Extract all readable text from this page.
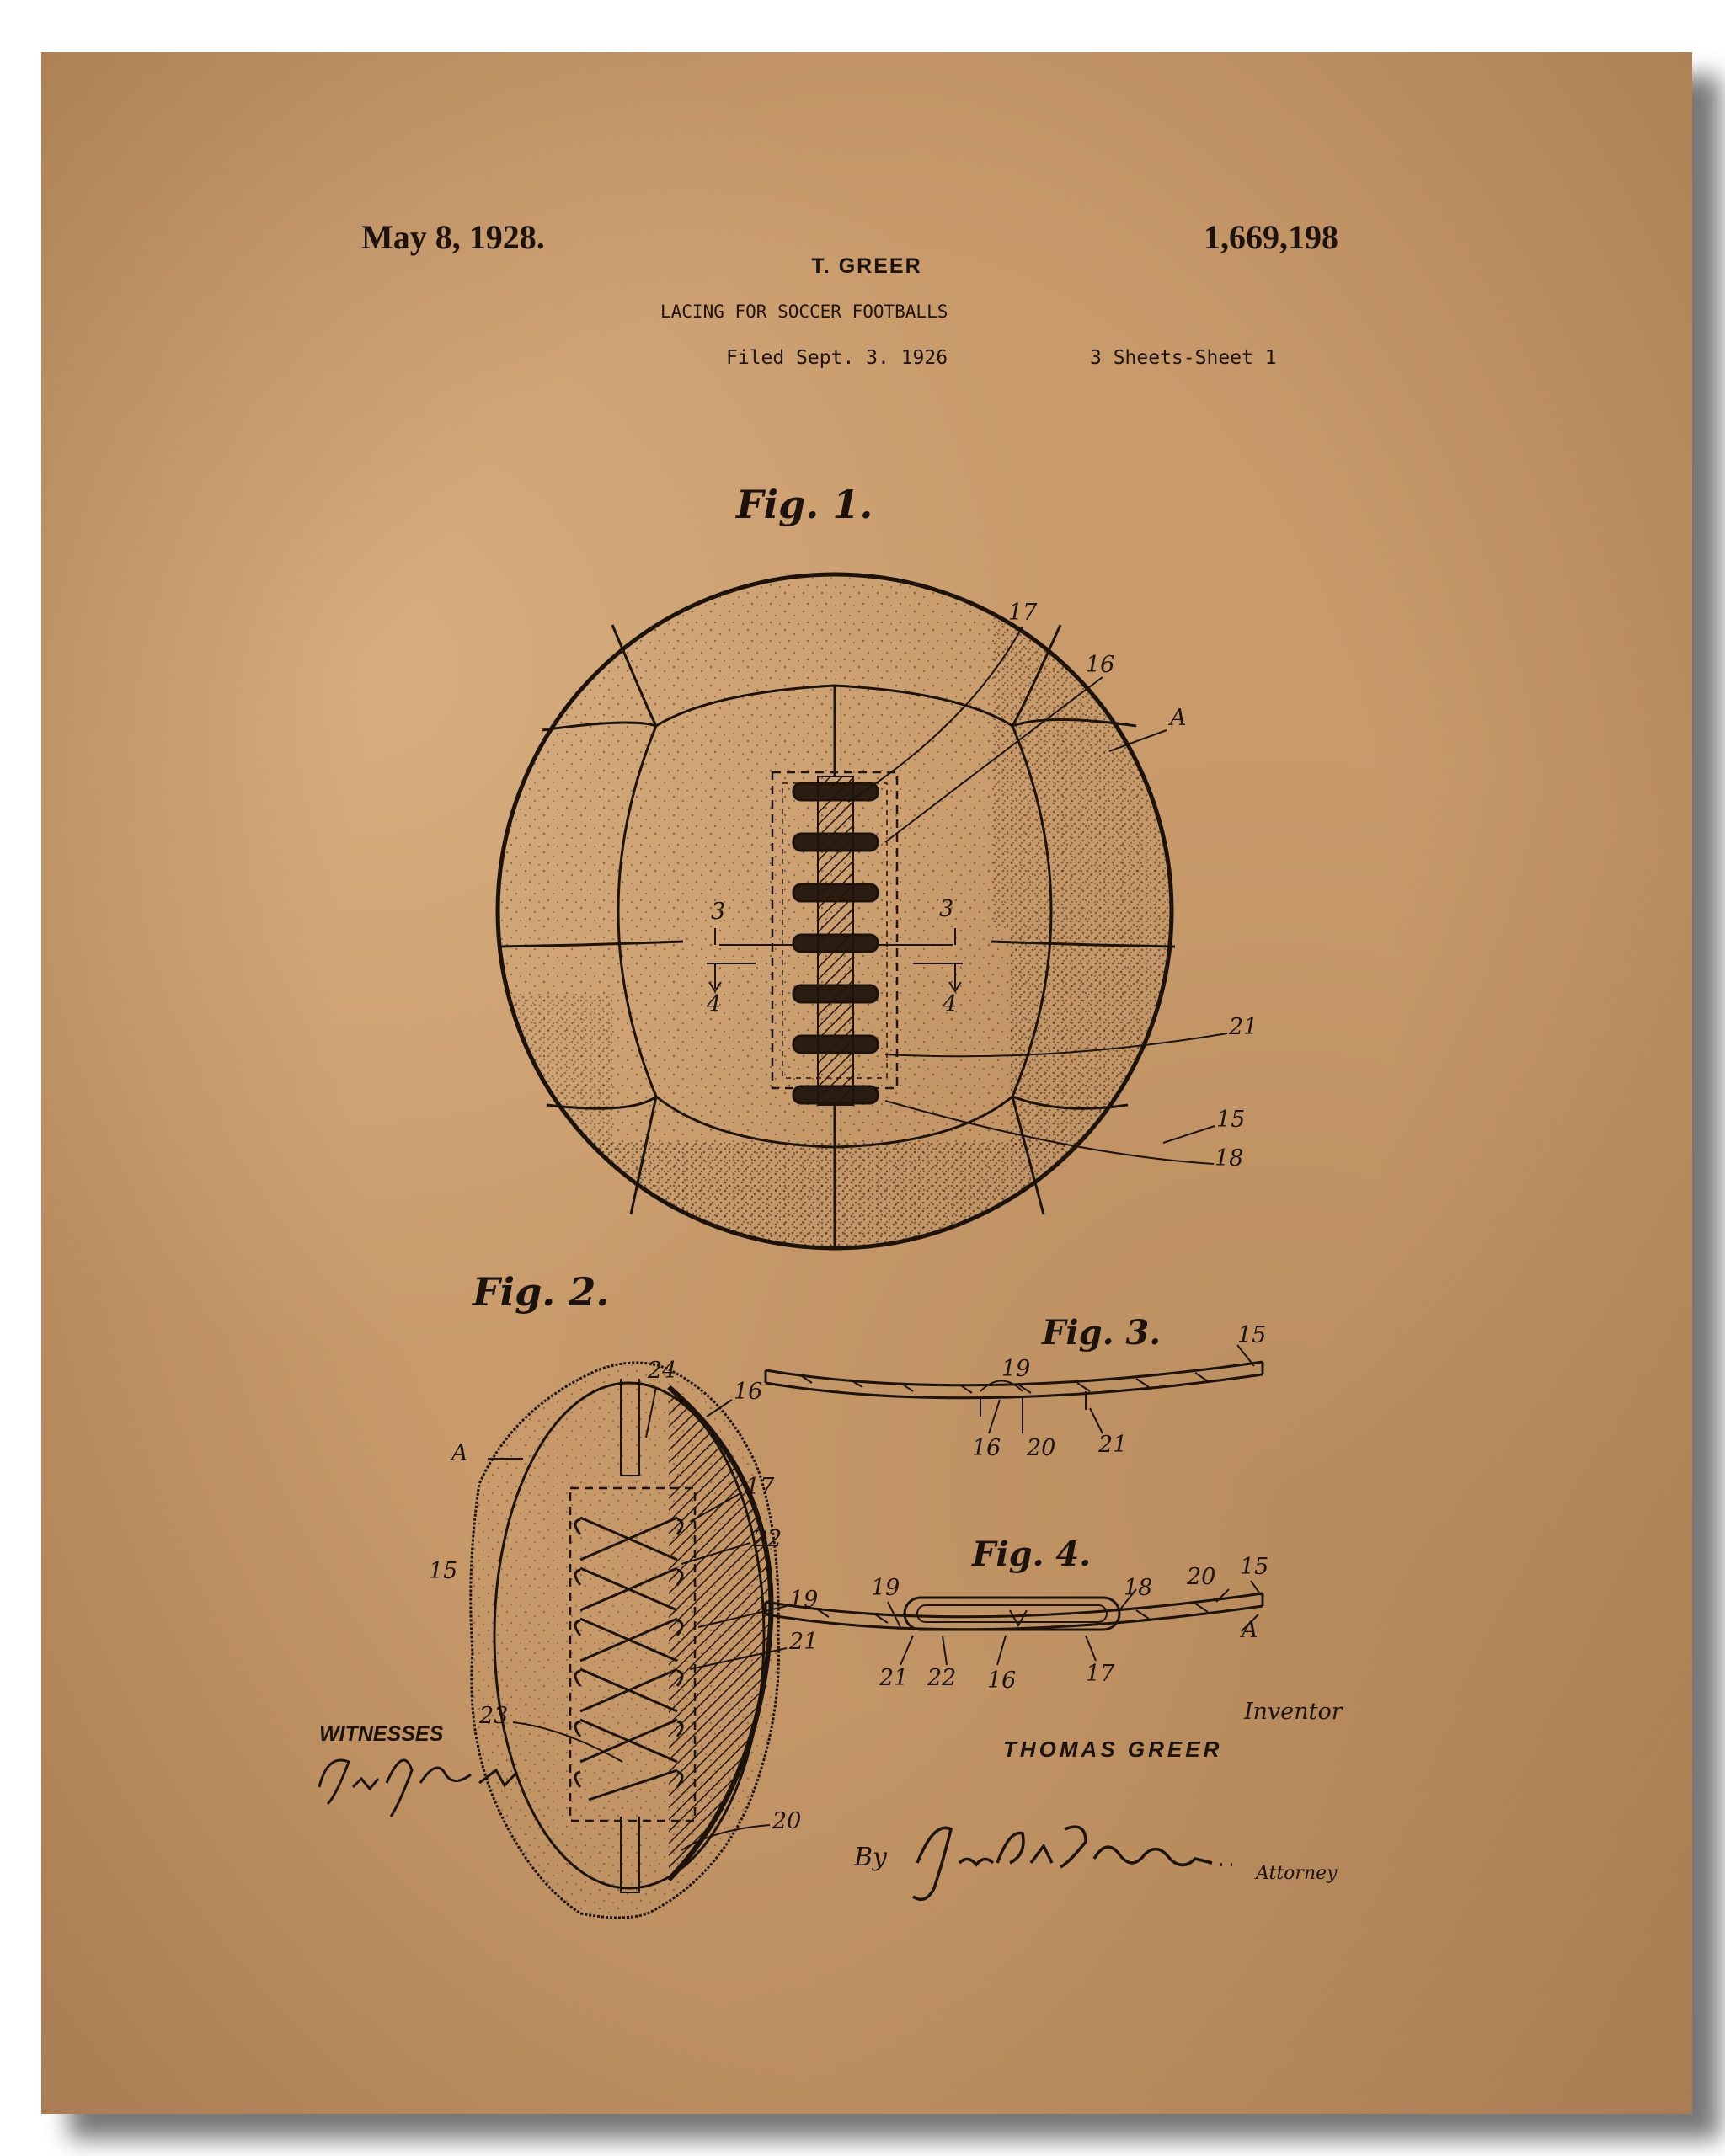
May 8, 1928.	1,669,198
T. GREER
LACING FOR SOCCER FOOTBALLS
Filed Sept. 3. 1926	3 Sheets-Sheet 1
Fig. 1.
Fig. 2.
Fig. 3.
Fig. 4.
17
16
A
3	3
4	4
21
15
18
24
16
A
17
15
22
19
21
23
20
15
19
16 20 21
19	18 20 15
A
21 22 16	17
WITNESSES
Inventor
THOMAS GREER
By
Attorney
